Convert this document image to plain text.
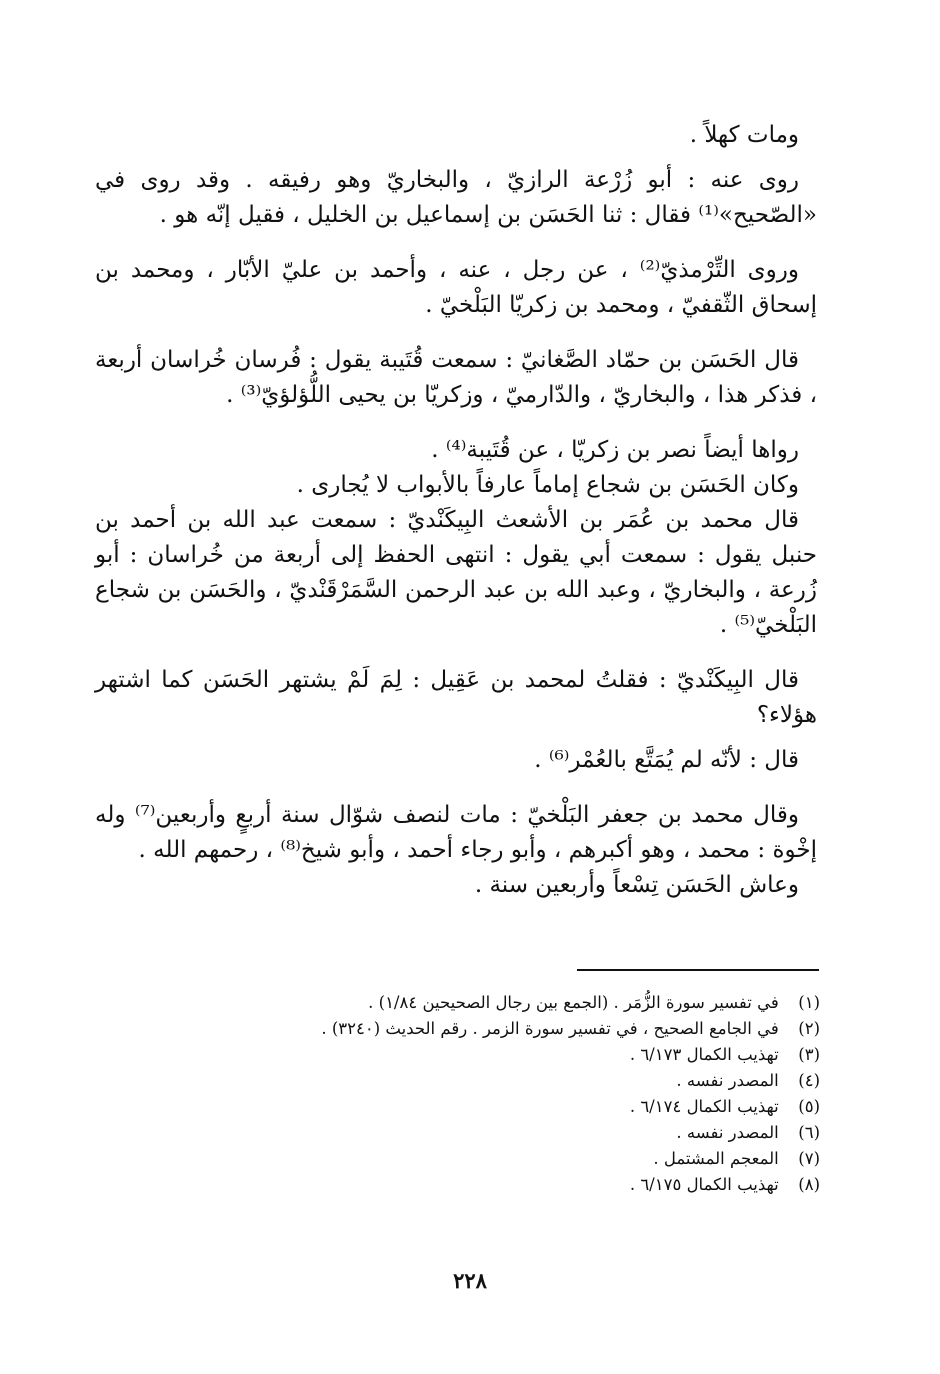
ومات كهلاً .

روى عنه : أبو زُرْعة الرازيّ ، والبخاريّ وهو رفيقه . وقد روى في «الصّحيح»⁽¹⁾ فقال : ثنا الحَسَن بن إسماعيل بن الخليل ، فقيل إنّه هو .

وروى التِّرْمذيّ⁽²⁾ ، عن رجل ، عنه ، وأحمد بن عليّ الأبّار ، ومحمد بن إسحاق الثّقفيّ ، ومحمد بن زكريّا البَلْخيّ .

قال الحَسَن بن حمّاد الصَّغانيّ : سمعت قُتَيبة يقول : فُرسان خُراسان أربعة ، فذكر هذا ، والبخاريّ ، والدّارميّ ، وزكريّا بن يحيى اللُّؤلؤيّ⁽³⁾ .

رواها أيضاً نصر بن زكريّا ، عن قُتَيبة⁽⁴⁾ .

وكان الحَسَن بن شجاع إماماً عارفاً بالأبواب لا يُجارى .

قال محمد بن عُمَر بن الأشعث البِيكَنْديّ : سمعت عبد الله بن أحمد بن حنبل يقول : سمعت أبي يقول : انتهى الحفظ إلى أربعة من خُراسان : أبو زُرعة ، والبخاريّ ، وعبد الله بن عبد الرحمن السَّمَرْقَنْديّ ، والحَسَن بن شجاع البَلْخيّ⁽⁵⁾ .

قال البِيكَنْديّ : فقلتُ لمحمد بن عَقِيل : لِمَ لَمْ يشتهر الحَسَن كما اشتهر هؤلاء؟

قال : لأنّه لم يُمَتَّع بالعُمْر⁽⁶⁾ .

وقال محمد بن جعفر البَلْخيّ : مات لنصف شوّال سنة أربعٍ وأربعين⁽⁷⁾ وله إخْوة : محمد ، وهو أكبرهم ، وأبو رجاء أحمد ، وأبو شيخ⁽⁸⁾ ، رحمهم الله .

وعاش الحَسَن تِسْعاً وأربعين سنة .

(١) في تفسير سورة الزُّمَر . (الجمع بين رجال الصحيحين ١/٨٤) .
(٢) في الجامع الصحيح ، في تفسير سورة الزمر . رقم الحديث (٣٢٤٠) .
(٣) تهذيب الكمال ٦/١٧٣ .
(٤) المصدر نفسه .
(٥) تهذيب الكمال ٦/١٧٤ .
(٦) المصدر نفسه .
(٧) المعجم المشتمل .
(٨) تهذيب الكمال ٦/١٧٥ .
٢٢٨
